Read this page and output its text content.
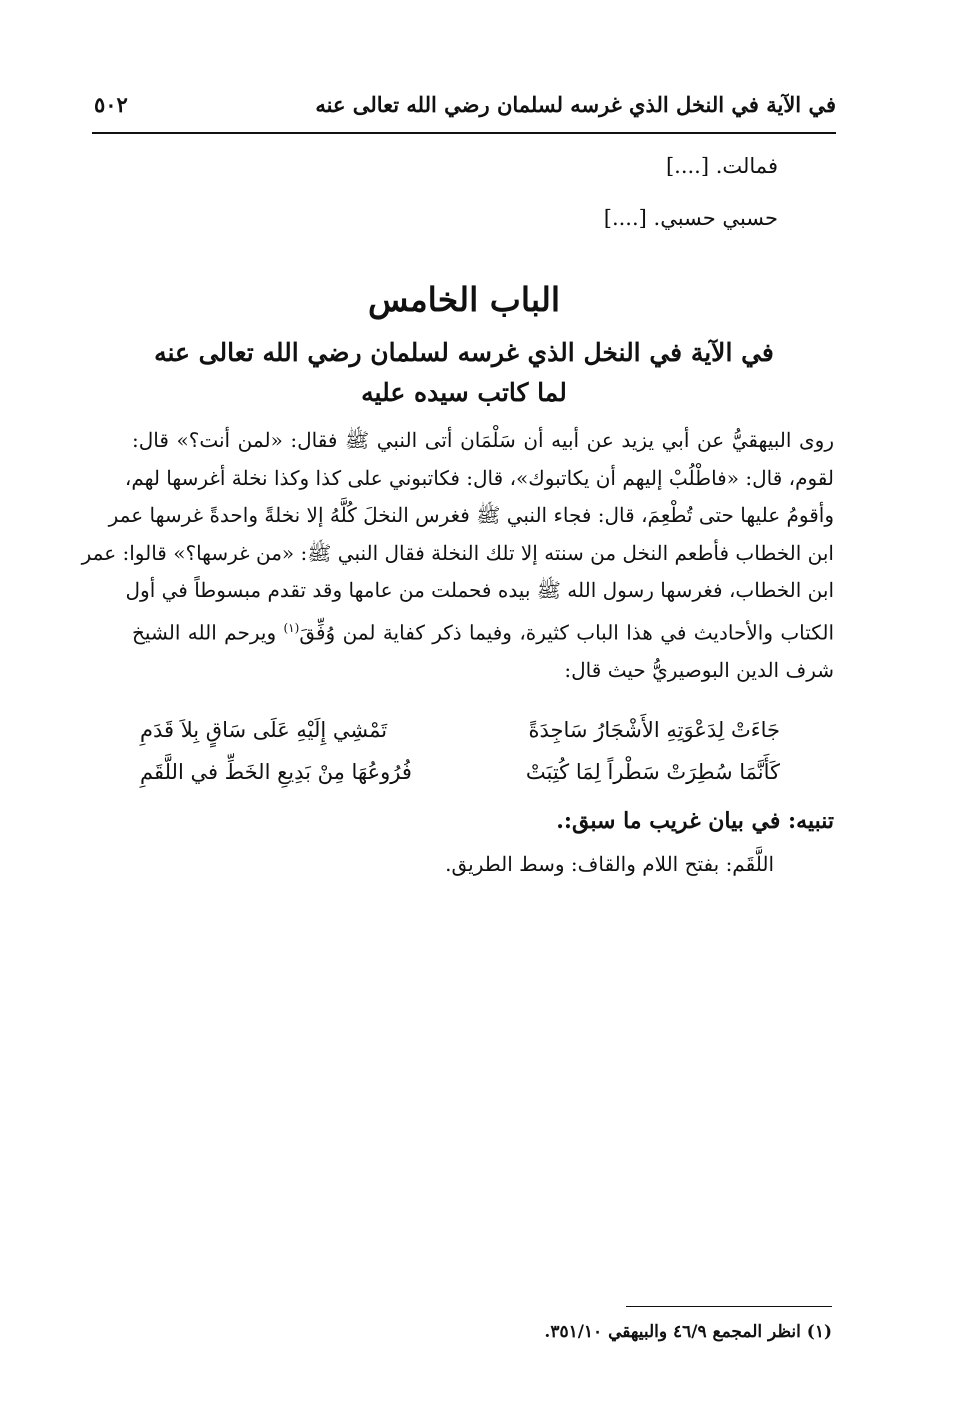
في الآية في النخل الذي غرسه لسلمان رضي الله تعالى عنه
٥٠٢
فمالت. [....]
حسبي حسبي. [....]
الباب الخامس
في الآية في النخل الذي غرسه لسلمان رضي الله تعالى عنه
لما كاتب سيده عليه

روى البيهقيُّ عن أبي يزيد عن أبيه أن سَلْمَان أتى النبي ﷺ فقال: «لمن أنت؟» قال:
لقوم، قال: «فاطْلُبْ إليهم أن يكاتبوك»، قال: فكاتبوني على كذا وكذا نخلة أغرسها لهم،
وأقومُ عليها حتى تُطْعِمَ، قال: فجاء النبي ﷺ فغرس النخلَ كُلَّهُ إلا نخلةً واحدةً غرسها عمر
ابن الخطاب فأطعم النخل من سنته إلا تلك النخلة فقال النبي ﷺ: «من غرسها؟» قالوا: عمر
ابن الخطاب، فغرسها رسول الله ﷺ بيده فحملت من عامها وقد تقدم مبسوطاً في أول
الكتاب والأحاديث في هذا الباب كثيرة، وفيما ذكر كفاية لمن وُفِّقَ$^{(١)}$ ويرحم الله الشيخ
شرف الدين البوصيريُّ حيث قال:

جَاءَتْ لِدَعْوَتِهِ الأَشْجَارُ سَاجِدَةً
تَمْشِي إِلَيْهِ عَلَى سَاقٍ بِلاَ قَدَمِ
كَأَنَّمَا سُطِرَتْ سَطْراً لِمَا كُتِبَتْ
فُرُوعُهَا مِنْ بَدِيعِ الخَطِّ في اللَّقَمِ
تنبيه: في بيان غريب ما سبق:.
اللَّقَم: بفتح اللام والقاف: وسط الطريق.
(١) انظر المجمع ٤٦/٩ والبيهقي ٣٥١/١٠.
